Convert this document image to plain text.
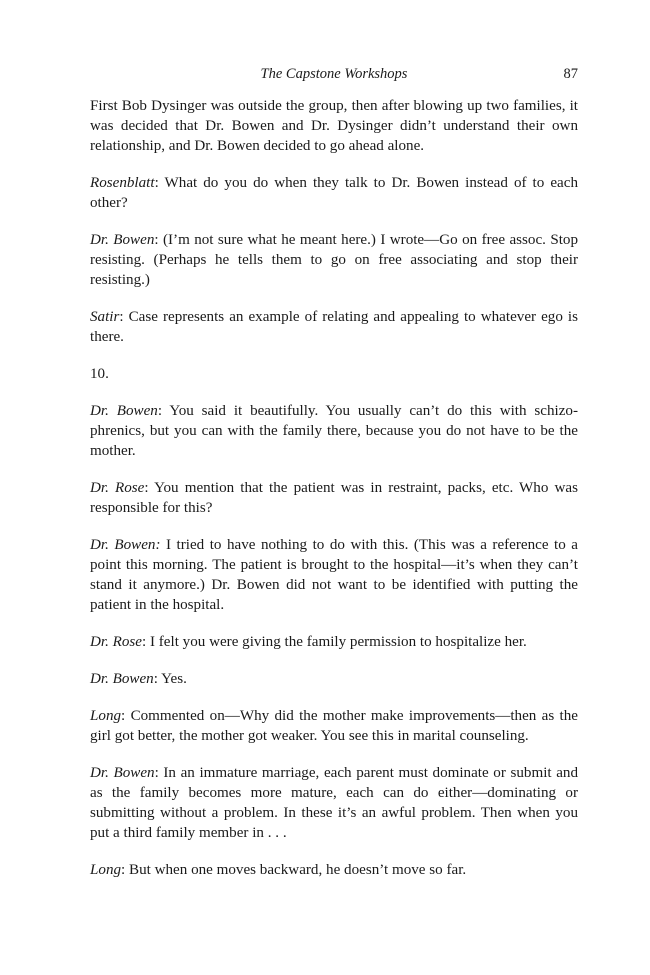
The Capstone Workshops	87

First Bob Dysinger was outside the group, then after blowing up two families, it was decided that Dr. Bowen and Dr. Dysinger didn’t understand their own relationship, and Dr. Bowen decided to go ahead alone.

Rosenblatt: What do you do when they talk to Dr. Bowen instead of to each other?

Dr. Bowen: (I’m not sure what he meant here.) I wrote—Go on free assoc. Stop resisting. (Perhaps he tells them to go on free associating and stop their resisting.)

Satir: Case represents an example of relating and appealing to whatever ego is there.

10.

Dr. Bowen: You said it beautifully. You usually can’t do this with schizo-phrenics, but you can with the family there, because you do not have to be the mother.

Dr. Rose: You mention that the patient was in restraint, packs, etc. Who was responsible for this?

Dr. Bowen: I tried to have nothing to do with this. (This was a reference to a point this morning. The patient is brought to the hospital—it’s when they can’t stand it anymore.) Dr. Bowen did not want to be identified with putting the patient in the hospital.

Dr. Rose: I felt you were giving the family permission to hospitalize her.

Dr. Bowen: Yes.

Long: Commented on—Why did the mother make improvements—then as the girl got better, the mother got weaker. You see this in marital counseling.

Dr. Bowen: In an immature marriage, each parent must dominate or submit and as the family becomes more mature, each can do either—dominating or submitting without a problem. In these it’s an awful problem. Then when you put a third family member in . . .

Long: But when one moves backward, he doesn’t move so far.
